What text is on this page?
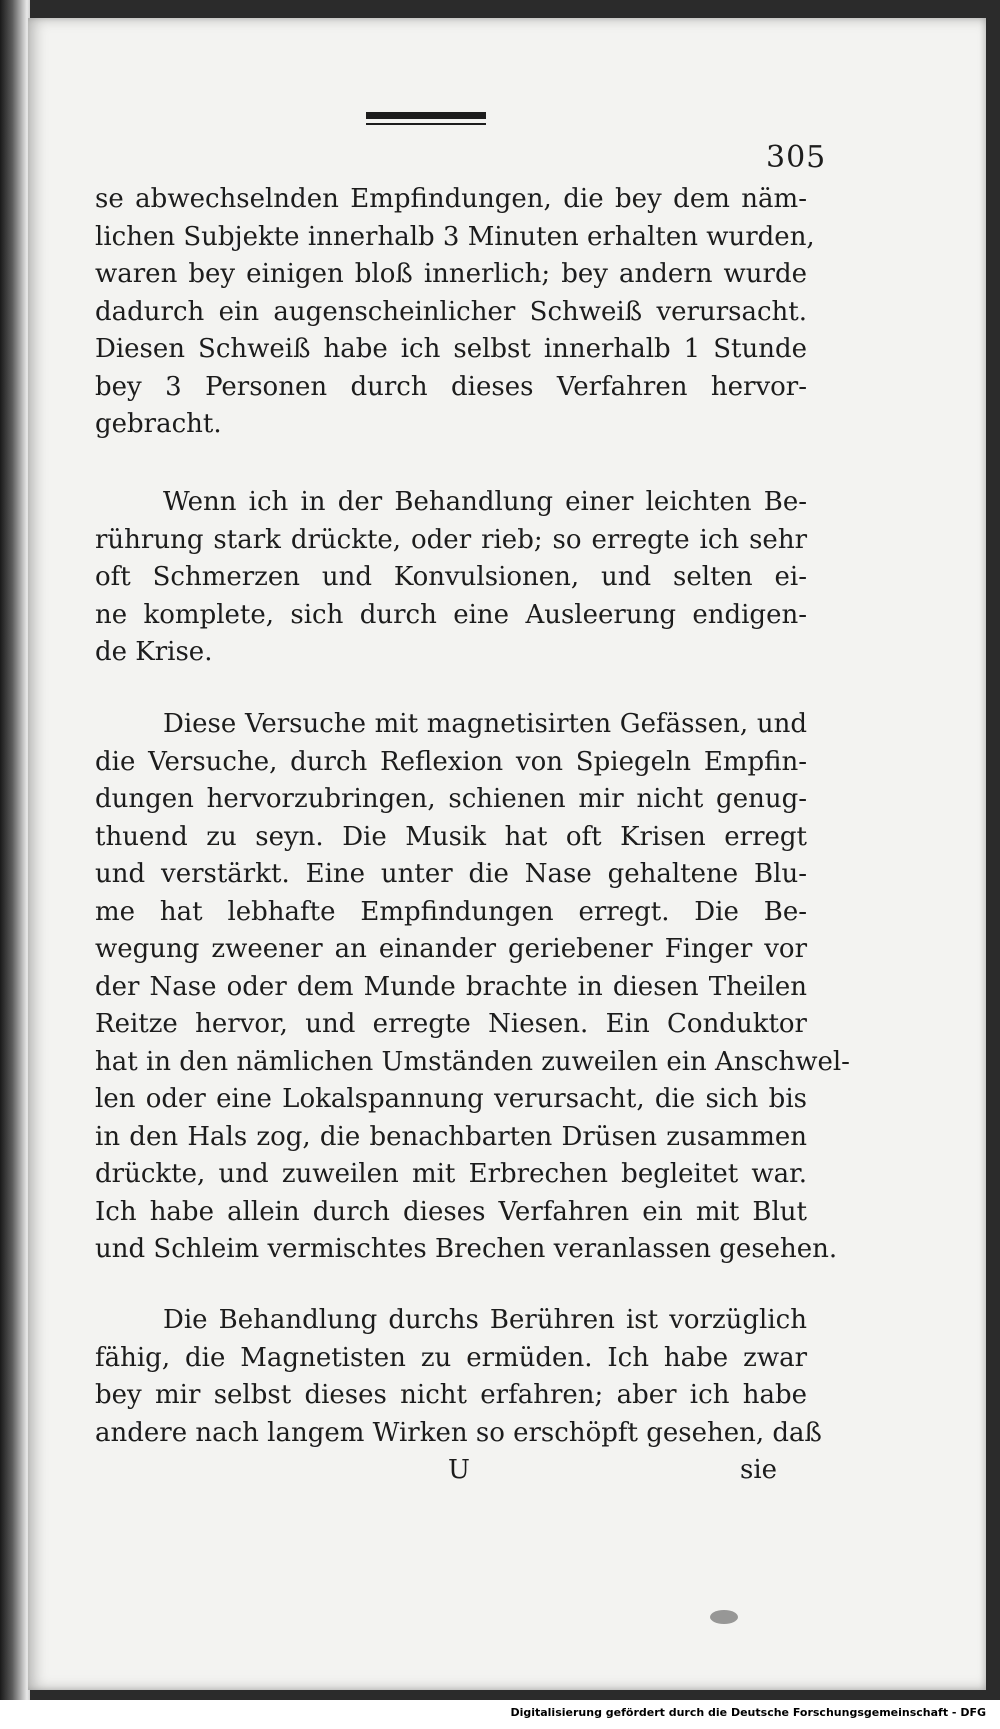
305

se abwechselnden Empfindungen, die bey dem näm-
lichen Subjekte innerhalb 3 Minuten erhalten wurden,
waren bey einigen bloß innerlich; bey andern wurde
dadurch ein augenscheinlicher Schweiß verursacht.
Diesen Schweiß habe ich selbst innerhalb 1 Stunde
bey 3 Personen durch dieses Verfahren hervor-
gebracht.

Wenn ich in der Behandlung einer leichten Be-
rührung stark drückte, oder rieb; so erregte ich sehr
oft Schmerzen und Konvulsionen, und selten ei-
ne komplete, sich durch eine Ausleerung endigen-
de Krise.

Diese Versuche mit magnetisirten Gefässen, und
die Versuche, durch Reflexion von Spiegeln Empfin-
dungen hervorzubringen, schienen mir nicht genug-
thuend zu seyn. Die Musik hat oft Krisen erregt
und verstärkt. Eine unter die Nase gehaltene Blu-
me hat lebhafte Empfindungen erregt. Die Be-
wegung zweener an einander geriebener Finger vor
der Nase oder dem Munde brachte in diesen Theilen
Reitze hervor, und erregte Niesen. Ein Conduktor
hat in den nämlichen Umständen zuweilen ein Anschwel-
len oder eine Lokalspannung verursacht, die sich bis
in den Hals zog, die benachbarten Drüsen zusammen
drückte, und zuweilen mit Erbrechen begleitet war.
Ich habe allein durch dieses Verfahren ein mit Blut
und Schleim vermischtes Brechen veranlassen gesehen.

Die Behandlung durchs Berühren ist vorzüglich
fähig, die Magnetisten zu ermüden. Ich habe zwar
bey mir selbst dieses nicht erfahren; aber ich habe
andere nach langem Wirken so erschöpft gesehen, daß

U	sie
Digitalisierung gefördert durch die Deutsche Forschungsgemeinschaft - DFG
